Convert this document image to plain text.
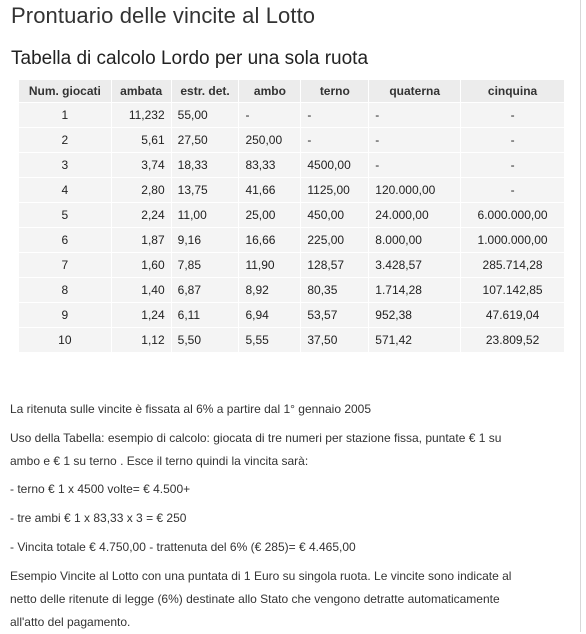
Prontuario delle vincite al Lotto
Tabella di calcolo Lordo per una sola ruota
Num. giocati	ambata	estr. det.	ambo	terno	quaterna	cinquina
1	11,232	55,00	-	-	-	-
2	5,61	27,50	250,00	-	-	-
3	3,74	18,33	83,33	4500,00	-	-
4	2,80	13,75	41,66	1125,00	120.000,00	-
5	2,24	11,00	25,00	450,00	24.000,00	6.000.000,00
6	1,87	9,16	16,66	225,00	8.000,00	1.000.000,00
7	1,60	7,85	11,90	128,57	3.428,57	285.714,28
8	1,40	6,87	8,92	80,35	1.714,28	107.142,85
9	1,24	6,11	6,94	53,57	952,38	47.619,04
10	1,12	5,50	5,55	37,50	571,42	23.809,52

La ritenuta sulle vincite è fissata al 6% a partire dal 1° gennaio 2005

Uso della Tabella: esempio di calcolo: giocata di tre numeri per stazione fissa, puntate € 1 su
ambo e € 1 su terno . Esce il terno quindi la vincita sarà:

- terno € 1 x 4500 volte= € 4.500+

- tre ambi € 1 x 83,33 x 3 = € 250

- Vincita totale € 4.750,00 - trattenuta del 6% (€ 285)= € 4.465,00

Esempio Vincite al Lotto con una puntata di 1 Euro su singola ruota. Le vincite sono indicate al
netto delle ritenute di legge (6%) destinate allo Stato che vengono detratte automaticamente
all'atto del pagamento.
